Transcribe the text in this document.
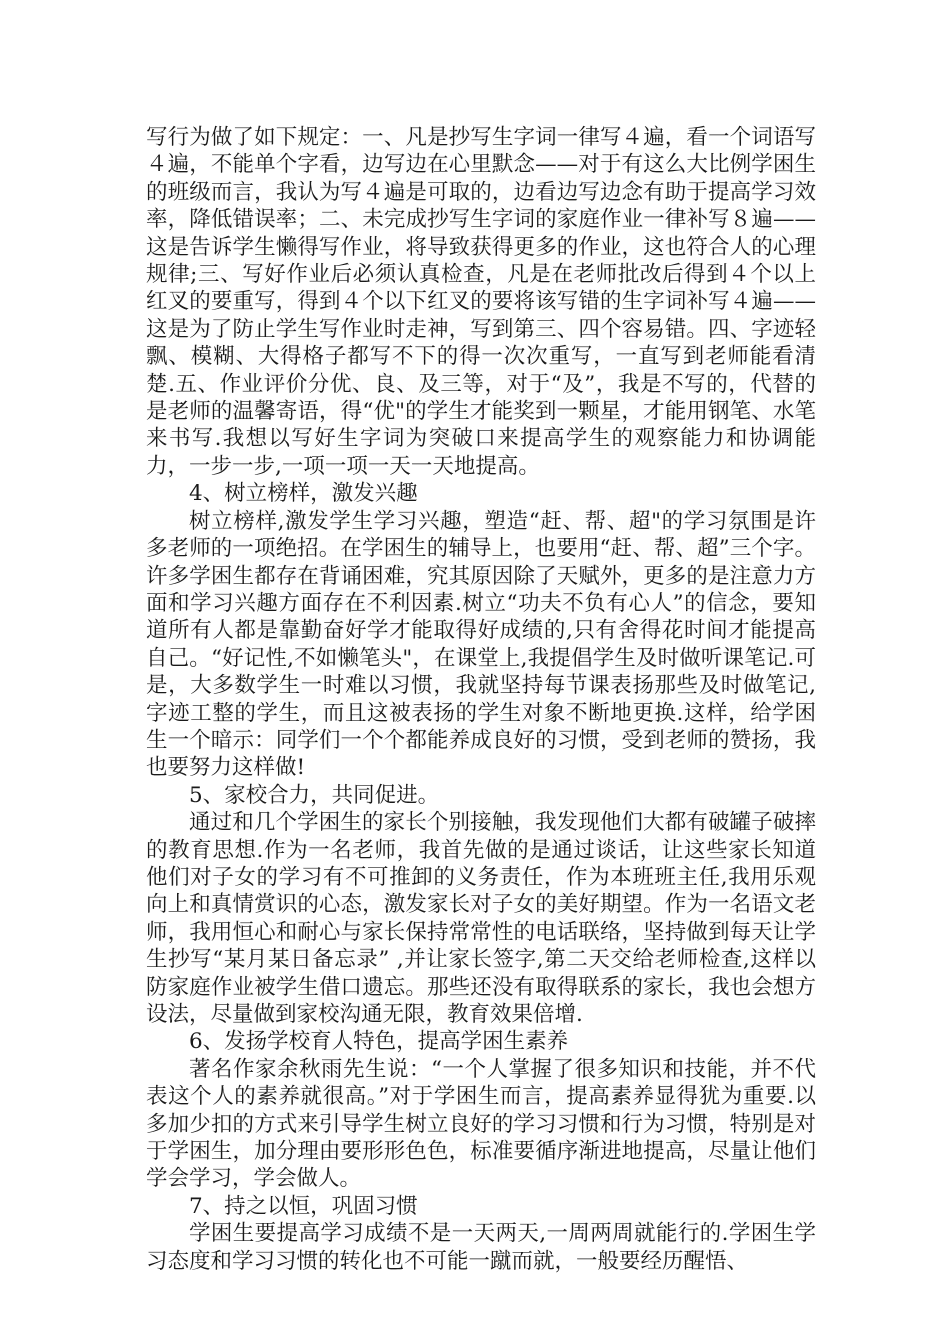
写行为做了如下规定：一、凡是抄写生字词一律写４遍，看一个词语写４遍，不能单个字看，边写边在心里默念——对于有这么大比例学困生的班级而言，我认为写４遍是可取的，边看边写边念有助于提高学习效率，降低错误率；二、未完成抄写生字词的家庭作业一律补写８遍——这是告诉学生懒得写作业，将导致获得更多的作业，这也符合人的心理规律;三、写好作业后必须认真检查，凡是在老师批改后得到４个以上红叉的要重写，得到４个以下红叉的要将该写错的生字词补写４遍——这是为了防止学生写作业时走神，写到第三、四个容易错。四、字迹轻飘、模糊、大得格子都写不下的得一次次重写，一直写到老师能看清楚.五、作业评价分优、良、及三等，对于“及”，我是不写的，代替的是老师的温馨寄语，得“优"的学生才能奖到一颗星，才能用钢笔、水笔来书写.我想以写好生字词为突破口来提高学生的观察能力和协调能力，一步一步,一项一项一天一天地提高。

4、树立榜样，激发兴趣

树立榜样,激发学生学习兴趣，塑造“赶、帮、超"的学习氛围是许多老师的一项绝招。在学困生的辅导上，也要用“赶、帮、超”三个字。许多学困生都存在背诵困难，究其原因除了天赋外，更多的是注意力方面和学习兴趣方面存在不利因素.树立“功夫不负有心人”的信念，要知道所有人都是靠勤奋好学才能取得好成绩的,只有舍得花时间才能提高自己。“好记性,不如懒笔头"，在课堂上,我提倡学生及时做听课笔记.可是，大多数学生一时难以习惯，我就坚持每节课表扬那些及时做笔记,字迹工整的学生，而且这被表扬的学生对象不断地更换.这样，给学困生一个暗示：同学们一个个都能养成良好的习惯，受到老师的赞扬，我也要努力这样做!

5、家校合力，共同促进。

通过和几个学困生的家长个别接触，我发现他们大都有破罐子破摔的教育思想.作为一名老师，我首先做的是通过谈话，让这些家长知道他们对子女的学习有不可推卸的义务责任，作为本班班主任,我用乐观向上和真情赏识的心态，激发家长对子女的美好期望。作为一名语文老师，我用恒心和耐心与家长保持常常性的电话联络，坚持做到每天让学生抄写“某月某日备忘录” ,并让家长签字,第二天交给老师检查,这样以防家庭作业被学生借口遗忘。那些还没有取得联系的家长，我也会想方设法，尽量做到家校沟通无限，教育效果倍增.

6、发扬学校育人特色，提高学困生素养

著名作家余秋雨先生说：“一个人掌握了很多知识和技能，并不代表这个人的素养就很高。”对于学困生而言，提高素养显得犹为重要.以多加少扣的方式来引导学生树立良好的学习习惯和行为习惯，特别是对于学困生，加分理由要形形色色，标准要循序渐进地提高，尽量让他们学会学习，学会做人。

7、持之以恒，巩固习惯

学困生要提高学习成绩不是一天两天,一周两周就能行的.学困生学习态度和学习习惯的转化也不可能一蹴而就，一般要经历醒悟、
